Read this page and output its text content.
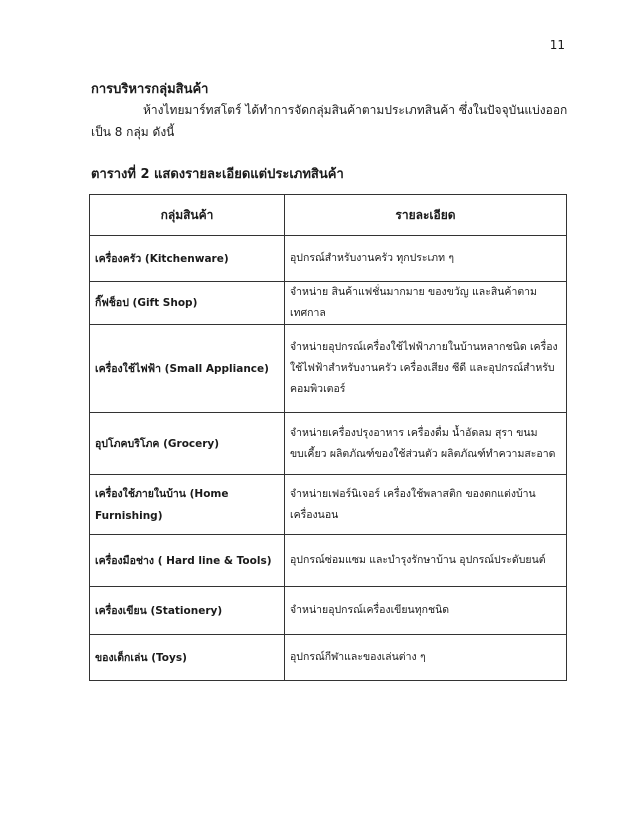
11
การบริหารกลุ่มสินค้า
ห้างไทยมาร์ทสโตร์ ได้ทำการจัดกลุ่มสินค้าตามประเภทสินค้า ซึ่งในปัจจุบันแบ่งออกเป็น 8 กลุ่ม ดังนี้
ตารางที่ 2 แสดงรายละเอียดแต่ประเภทสินค้า
กลุ่มสินค้า	รายละเอียด
เครื่องครัว (Kitchenware)	อุปกรณ์สำหรับงานครัว ทุกประเภท ๆ
กิ๊ฟช็อป (Gift Shop)	จำหน่าย สินค้าแฟชั่นมากมาย ของขวัญ และสินค้าตามเทศกาล
เครื่องใช้ไฟฟ้า (Small Appliance)	จำหน่ายอุปกรณ์เครื่องใช้ไฟฟ้าภายในบ้านหลากชนิด เครื่องใช้ไฟฟ้าสำหรับงานครัว เครื่องเสียง ซีดี และอุปกรณ์สำหรับคอมพิวเตอร์
อุปโภคบริโภค (Grocery)	จำหน่ายเครื่องปรุงอาหาร เครื่องดื่ม น้ำอัดลม สุรา ขนมขบเคี้ยว ผลิตภัณฑ์ของใช้ส่วนตัว ผลิตภัณฑ์ทำความสะอาด
เครื่องใช้ภายในบ้าน (Home Furnishing)	จำหน่ายเฟอร์นิเจอร์ เครื่องใช้พลาสติก ของตกแต่งบ้าน เครื่องนอน
เครื่องมือช่าง ( Hard line & Tools)	อุปกรณ์ซ่อมแซม และบำรุงรักษาบ้าน อุปกรณ์ประดับยนต์
เครื่องเขียน (Stationery)	จำหน่ายอุปกรณ์เครื่องเขียนทุกชนิด
ของเด็กเล่น (Toys)	อุปกรณ์กีฬาและของเล่นต่าง ๆ
